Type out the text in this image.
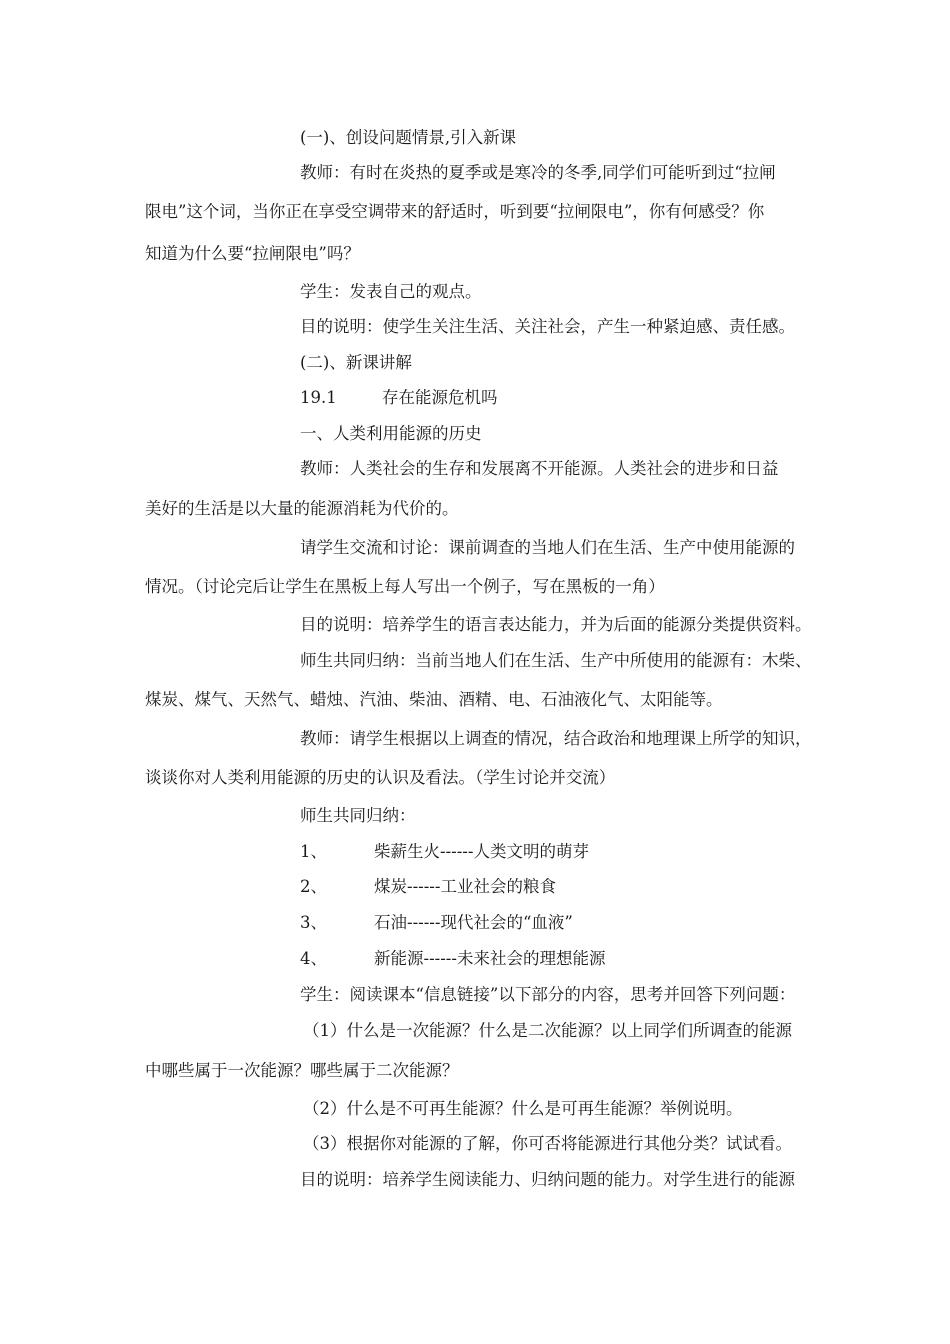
(一)、创设问题情景,引入新课
教师：有时在炎热的夏季或是寒冷的冬季,同学们可能听到过“拉闸
限电”这个词，当你正在享受空调带来的舒适时，听到要“拉闸限电”，你有何感受？你
知道为什么要“拉闸限电”吗？
学生：发表自己的观点。
目的说明：使学生关注生活、关注社会，产生一种紧迫感、责任感。
(二)、新课讲解
19.1	存在能源危机吗
一、人类利用能源的历史
教师：人类社会的生存和发展离不开能源。人类社会的进步和日益
美好的生活是以大量的能源消耗为代价的。
请学生交流和讨论：课前调查的当地人们在生活、生产中使用能源的
情况。（讨论完后让学生在黑板上每人写出一个例子，写在黑板的一角）
目的说明：培养学生的语言表达能力，并为后面的能源分类提供资料。
师生共同归纳：当前当地人们在生活、生产中所使用的能源有：木柴、
煤炭、煤气、天然气、蜡烛、汽油、柴油、酒精、电、石油液化气、太阳能等。
教师：请学生根据以上调查的情况，结合政治和地理课上所学的知识，
谈谈你对人类利用能源的历史的认识及看法。（学生讨论并交流）
师生共同归纳：
1、	柴薪生火------人类文明的萌芽
2、	煤炭------工业社会的粮食
3、	石油------现代社会的“血液”
4、	新能源------未来社会的理想能源
学生：阅读课本“信息链接”以下部分的内容，思考并回答下列问题：
（1）什么是一次能源？什么是二次能源？以上同学们所调查的能源
中哪些属于一次能源？哪些属于二次能源？
（2）什么是不可再生能源？什么是可再生能源？举例说明。
（3）根据你对能源的了解，你可否将能源进行其他分类？试试看。
目的说明：培养学生阅读能力、归纳问题的能力。对学生进行的能源
